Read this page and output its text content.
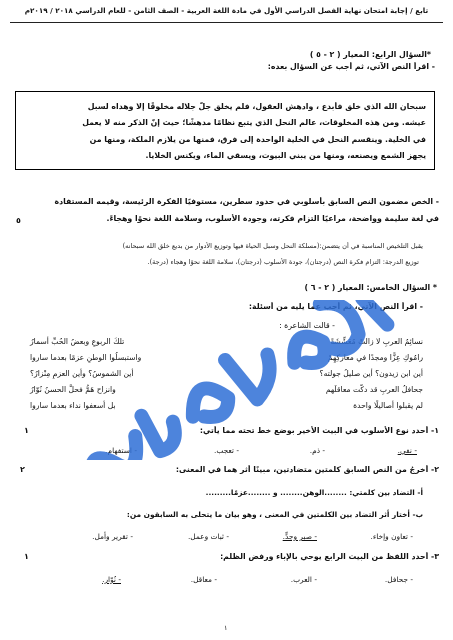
تابع / إجابة امتحان نهاية الفصل الدراسي الأول في مادة اللغة العربية - الصف الثامن - للعام الدراسي ٢٠١٨ / ٢٠١٩م
*السؤال الرابع: المعيار ( ٢ - ٥ )
- اقرأ النص الآتي، ثم أجب عن السؤال بعده:

سبحان الله الذي خلق فأبدع ، وادهش العقول، فلم يخلق جلّ جلاله مخلوقًا إلا وهداه لسبل

عيشه. ومن هذه المخلوقات، عالم النحل الذي يتبع نظامًا مدهشًا؛ حيث إنّ الذكر منه لا يعمل

في الخلية. وينقسم النحل في الخلية الواحدة إلى فرق، فمنها من يلازم الملكة، ومنها من

يجهز الشمع ويصنعه، ومنها من يبني البيوت، ويسقي الماء، ويكنس الخلايا.

- الخص مضمون النص السابق بأسلوبي في حدود سطرين، مستوفيًا الفكرة الرئيسة، وقيمه المستفادة
في لغة سليمة وواضحة، مراعيًا التزام فكرته، وجودة الأسلوب، وسلامة اللغة نحوًا وهجاءً.
٥
يقبل التلخيص المناسبة في أن يتضمن:(مسلكة النحل وسبل الحياة فيها وتوزيع الأدوار من بديع خلق الله سبحانه)
توزيع الدرجة: التزام فكرة النص (درجتان)، جودة الأسلوب (درجتان)، سلامة اللغة نحوًا وهجاء (درجة).
* السؤال الخامس: المعيار ( ٢ - ٦ )
- اقرأ النص الآتي، ثم أجب عما يليه من أسئلة:
- قالت الشاعرة :
نسائِمُ العربِ لا زالتْ مُعَشِّشَةً
تلكَ الربوعِ وبعضُ الحُبِّ أسمارُ
رامُوكِ عِزًّا ومجدًا في معاركِهِمْ
واستبسلُوا الوطنِ عزمًا بعدما ساروا
أين ابن زيدون؟ أين صليلُ جولته؟
أين الشموسُ؟ وأين العزمِ مِنْزارُ؟
جحافلُ العربِ قد دكّت معاقلَهم
وانزاح هَمُّ فحلَّ الحسنُ نُوّارُ
لم يقبلوا أصاليلًا واحدة
بل أسعفوا نداء بعدما ساروا
١- أحدد نوع الأسلوب في البيت الأخير بوضع خط تحته مما يأتي:
١
- نفي.
- ذم.
- تعجب.
- استفهام.
٢- أخرجُ من النص السابق كلمتين متضادتين، مبينًا أثر هما في المعنى:
٢
أ- التضاد بين كلمتي: ........الوهن........ و ........عزمًا.........
ب- أختار أثر التضاد بين الكلمتين في المعنى ، وهو بيان ما يتحلى به السابقون من:
- تعاون وإخاء.
- صبر وجدٍّ.
- ثبات وعمل.
- تقرير وأمل.
٣- أحدد اللفظ من البيت الرابع يوحي بالإباء ورفض الظلم:
١
- جحافل.
- العرب.
- معاقل.
- نُوّار.
١
